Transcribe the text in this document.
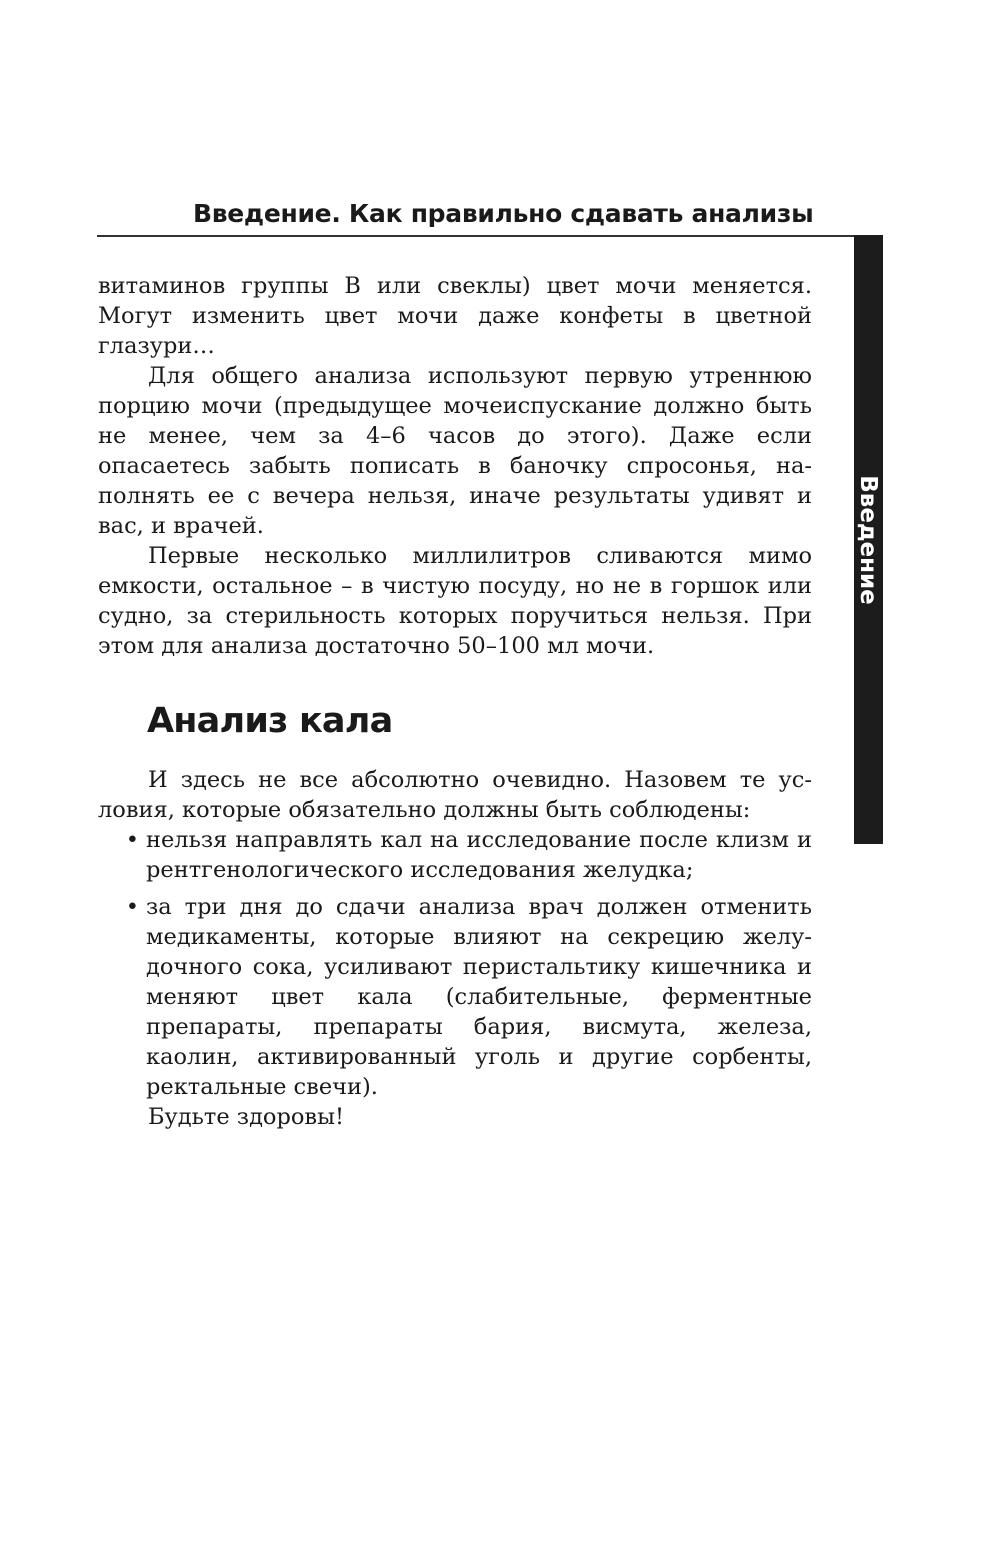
Введение. Как правильно сдавать анализы
Введение

витаминов группы B или свеклы) цвет мочи меняется. Могут изменить цвет мочи даже конфеты в цветной глазури…

Для общего анализа используют первую утреннюю порцию мочи (предыдущее мочеиспускание должно быть не менее, чем за 4–6 часов до этого). Даже если опасаетесь забыть пописать в баночку спросонья, наполнять ее с вечера нельзя, иначе результаты удивят и вас, и врачей.

Первые несколько миллилитров сливаются мимо емкости, остальное – в чистую посуду, но не в горшок или судно, за стерильность которых поручиться нельзя. При этом для анализа достаточно 50–100 мл мочи.

Анализ кала

И здесь не все абсолютно очевидно. Назовем те условия, которые обязательно должны быть соблюдены:

• нельзя направлять кал на исследование после клизм и рентгенологического исследования желудка;
• за три дня до сдачи анализа врач должен отменить медикаменты, которые влияют на секрецию желудочного сока, усиливают перистальтику кишечника и меняют цвет кала (слабительные, ферментные препараты, препараты бария, висмута, железа, каолин, активированный уголь и другие сорбенты, ректальные свечи).

Будьте здоровы!
